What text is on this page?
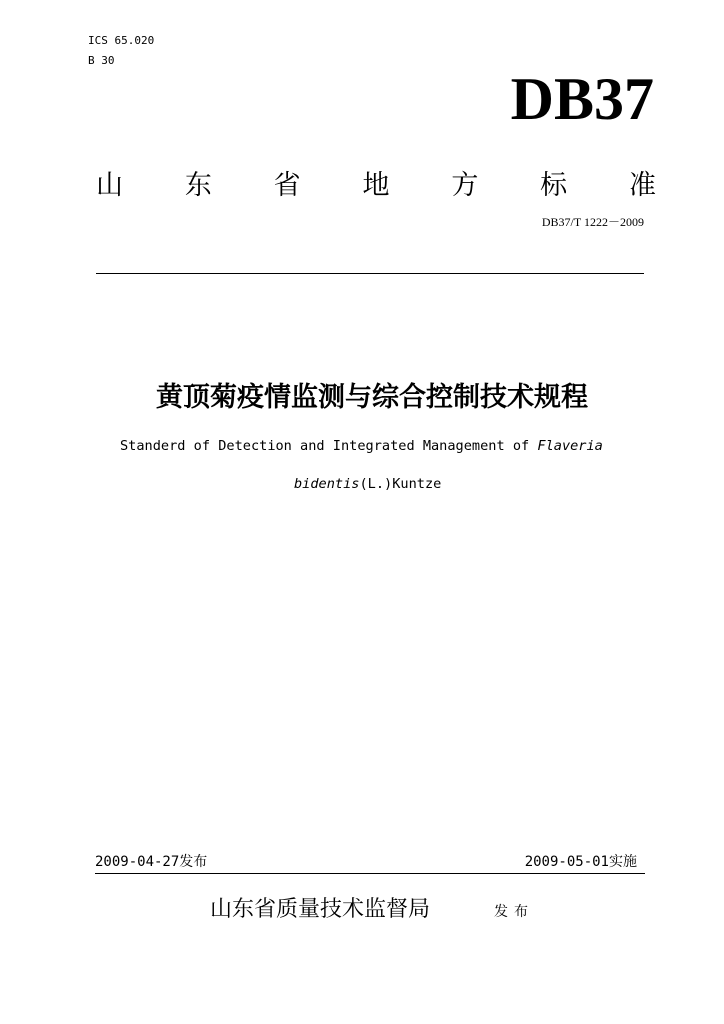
ICS 65.020
B 30
DB37
山 东 省 地 方 标 准
DB37/T 1222－2009
黄顶菊疫情监测与综合控制技术规程
Standerd of Detection and Integrated Management of Flaveria
bidentis(L.)Kuntze
2009-04-27发布	2009-05-01实施
山东省质量技术监督局	发布
